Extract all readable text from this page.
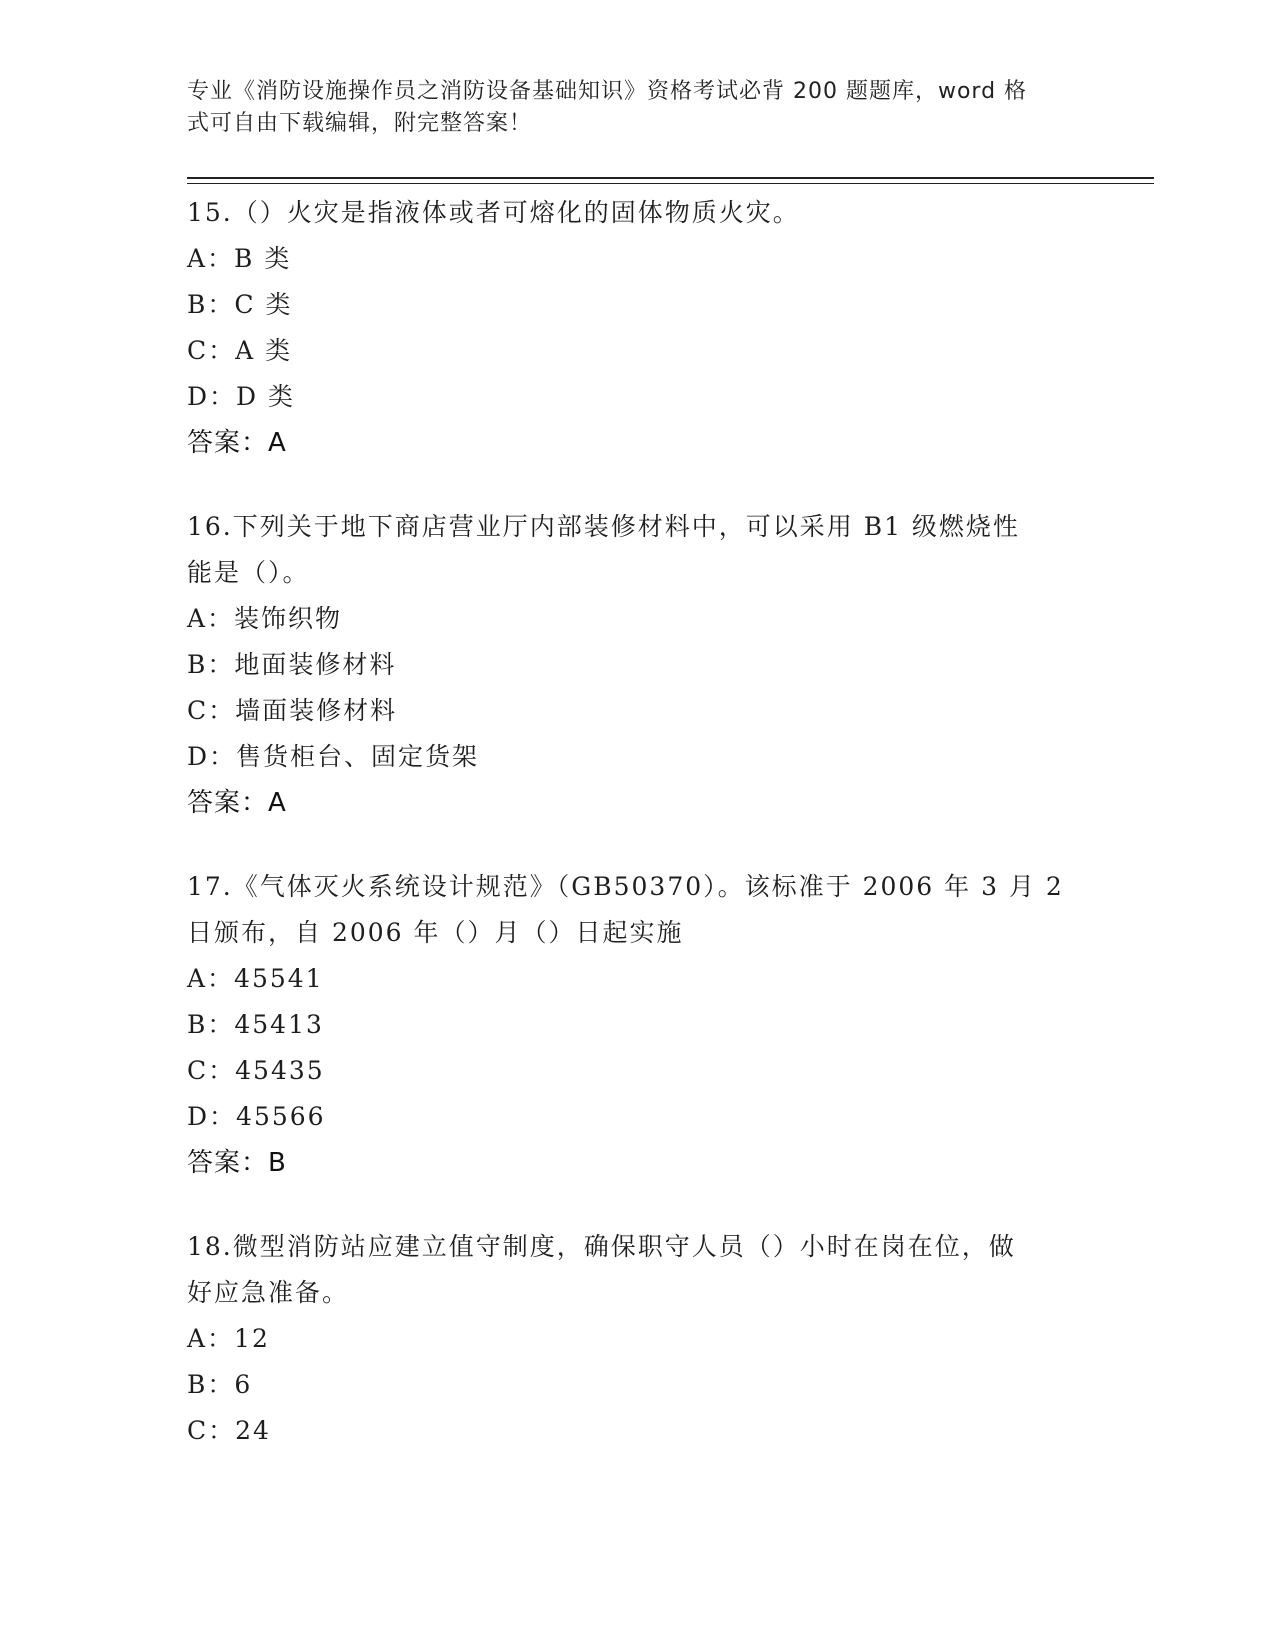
专业《消防设施操作员之消防设备基础知识》资格考试必背 200 题题库，word 格
式可自由下载编辑，附完整答案！
15.（）火灾是指液体或者可熔化的固体物质火灾。
A：B 类
B：C 类
C：A 类
D：D 类
答案：A
16.下列关于地下商店营业厅内部装修材料中，可以采用 B1 级燃烧性
能是（）。
A：装饰织物
B：地面装修材料
C：墙面装修材料
D：售货柜台、固定货架
答案：A
17.《气体灭火系统设计规范》（GB50370）。该标准于 2006 年 3 月 2
日颁布，自 2006 年（）月（）日起实施
A：45541
B：45413
C：45435
D：45566
答案：B
18.微型消防站应建立值守制度，确保职守人员（）小时在岗在位，做
好应急准备。
A：12
B：6
C：24
